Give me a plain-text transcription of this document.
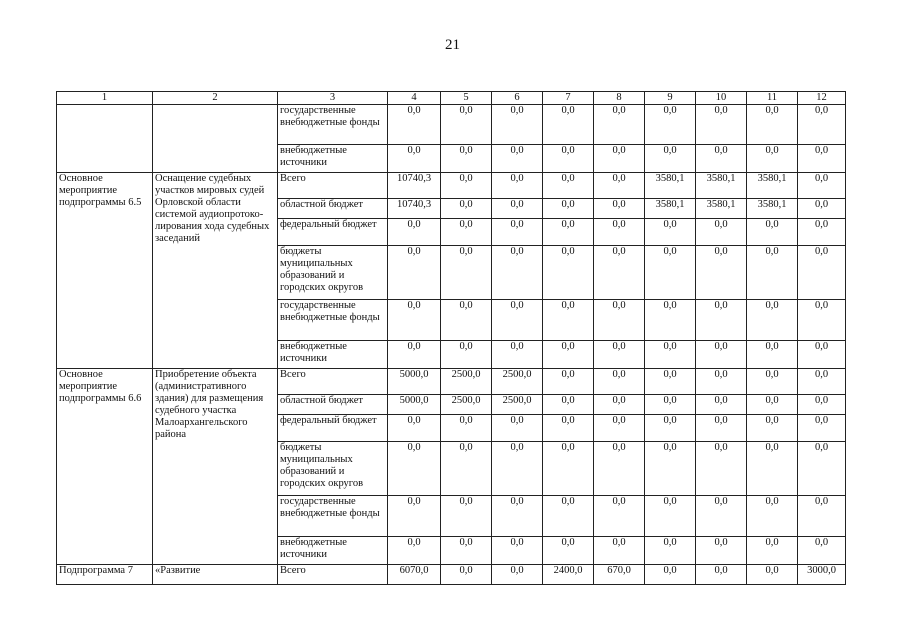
21
1	2	3	4	5	6	7	8	9	10	11	12
		государственные внебюджетные фонды	0,0	0,0	0,0	0,0	0,0	0,0	0,0	0,0	0,0
		внебюджетные источники	0,0	0,0	0,0	0,0	0,0	0,0	0,0	0,0	0,0
Основное мероприятие подпрограммы 6.5	Оснащение судебных участков мировых судей Орловской области системой аудиопротоко-лирования хода судебных заседаний	Всего	10740,3	0,0	0,0	0,0	0,0	3580,1	3580,1	3580,1	0,0
		областной бюджет	10740,3	0,0	0,0	0,0	0,0	3580,1	3580,1	3580,1	0,0
		федеральный бюджет	0,0	0,0	0,0	0,0	0,0	0,0	0,0	0,0	0,0
		бюджеты муниципальных образований и городских округов	0,0	0,0	0,0	0,0	0,0	0,0	0,0	0,0	0,0
		государственные внебюджетные фонды	0,0	0,0	0,0	0,0	0,0	0,0	0,0	0,0	0,0
		внебюджетные источники	0,0	0,0	0,0	0,0	0,0	0,0	0,0	0,0	0,0
Основное мероприятие подпрограммы 6.6	Приобретение объекта (административного здания) для размещения судебного участка Малоархангельского района	Всего	5000,0	2500,0	2500,0	0,0	0,0	0,0	0,0	0,0	0,0
		областной бюджет	5000,0	2500,0	2500,0	0,0	0,0	0,0	0,0	0,0	0,0
		федеральный бюджет	0,0	0,0	0,0	0,0	0,0	0,0	0,0	0,0	0,0
		бюджеты муниципальных образований и городских округов	0,0	0,0	0,0	0,0	0,0	0,0	0,0	0,0	0,0
		государственные внебюджетные фонды	0,0	0,0	0,0	0,0	0,0	0,0	0,0	0,0	0,0
		внебюджетные источники	0,0	0,0	0,0	0,0	0,0	0,0	0,0	0,0	0,0
Подпрограмма 7	«Развитие	Всего	6070,0	0,0	0,0	2400,0	670,0	0,0	0,0	0,0	3000,0
